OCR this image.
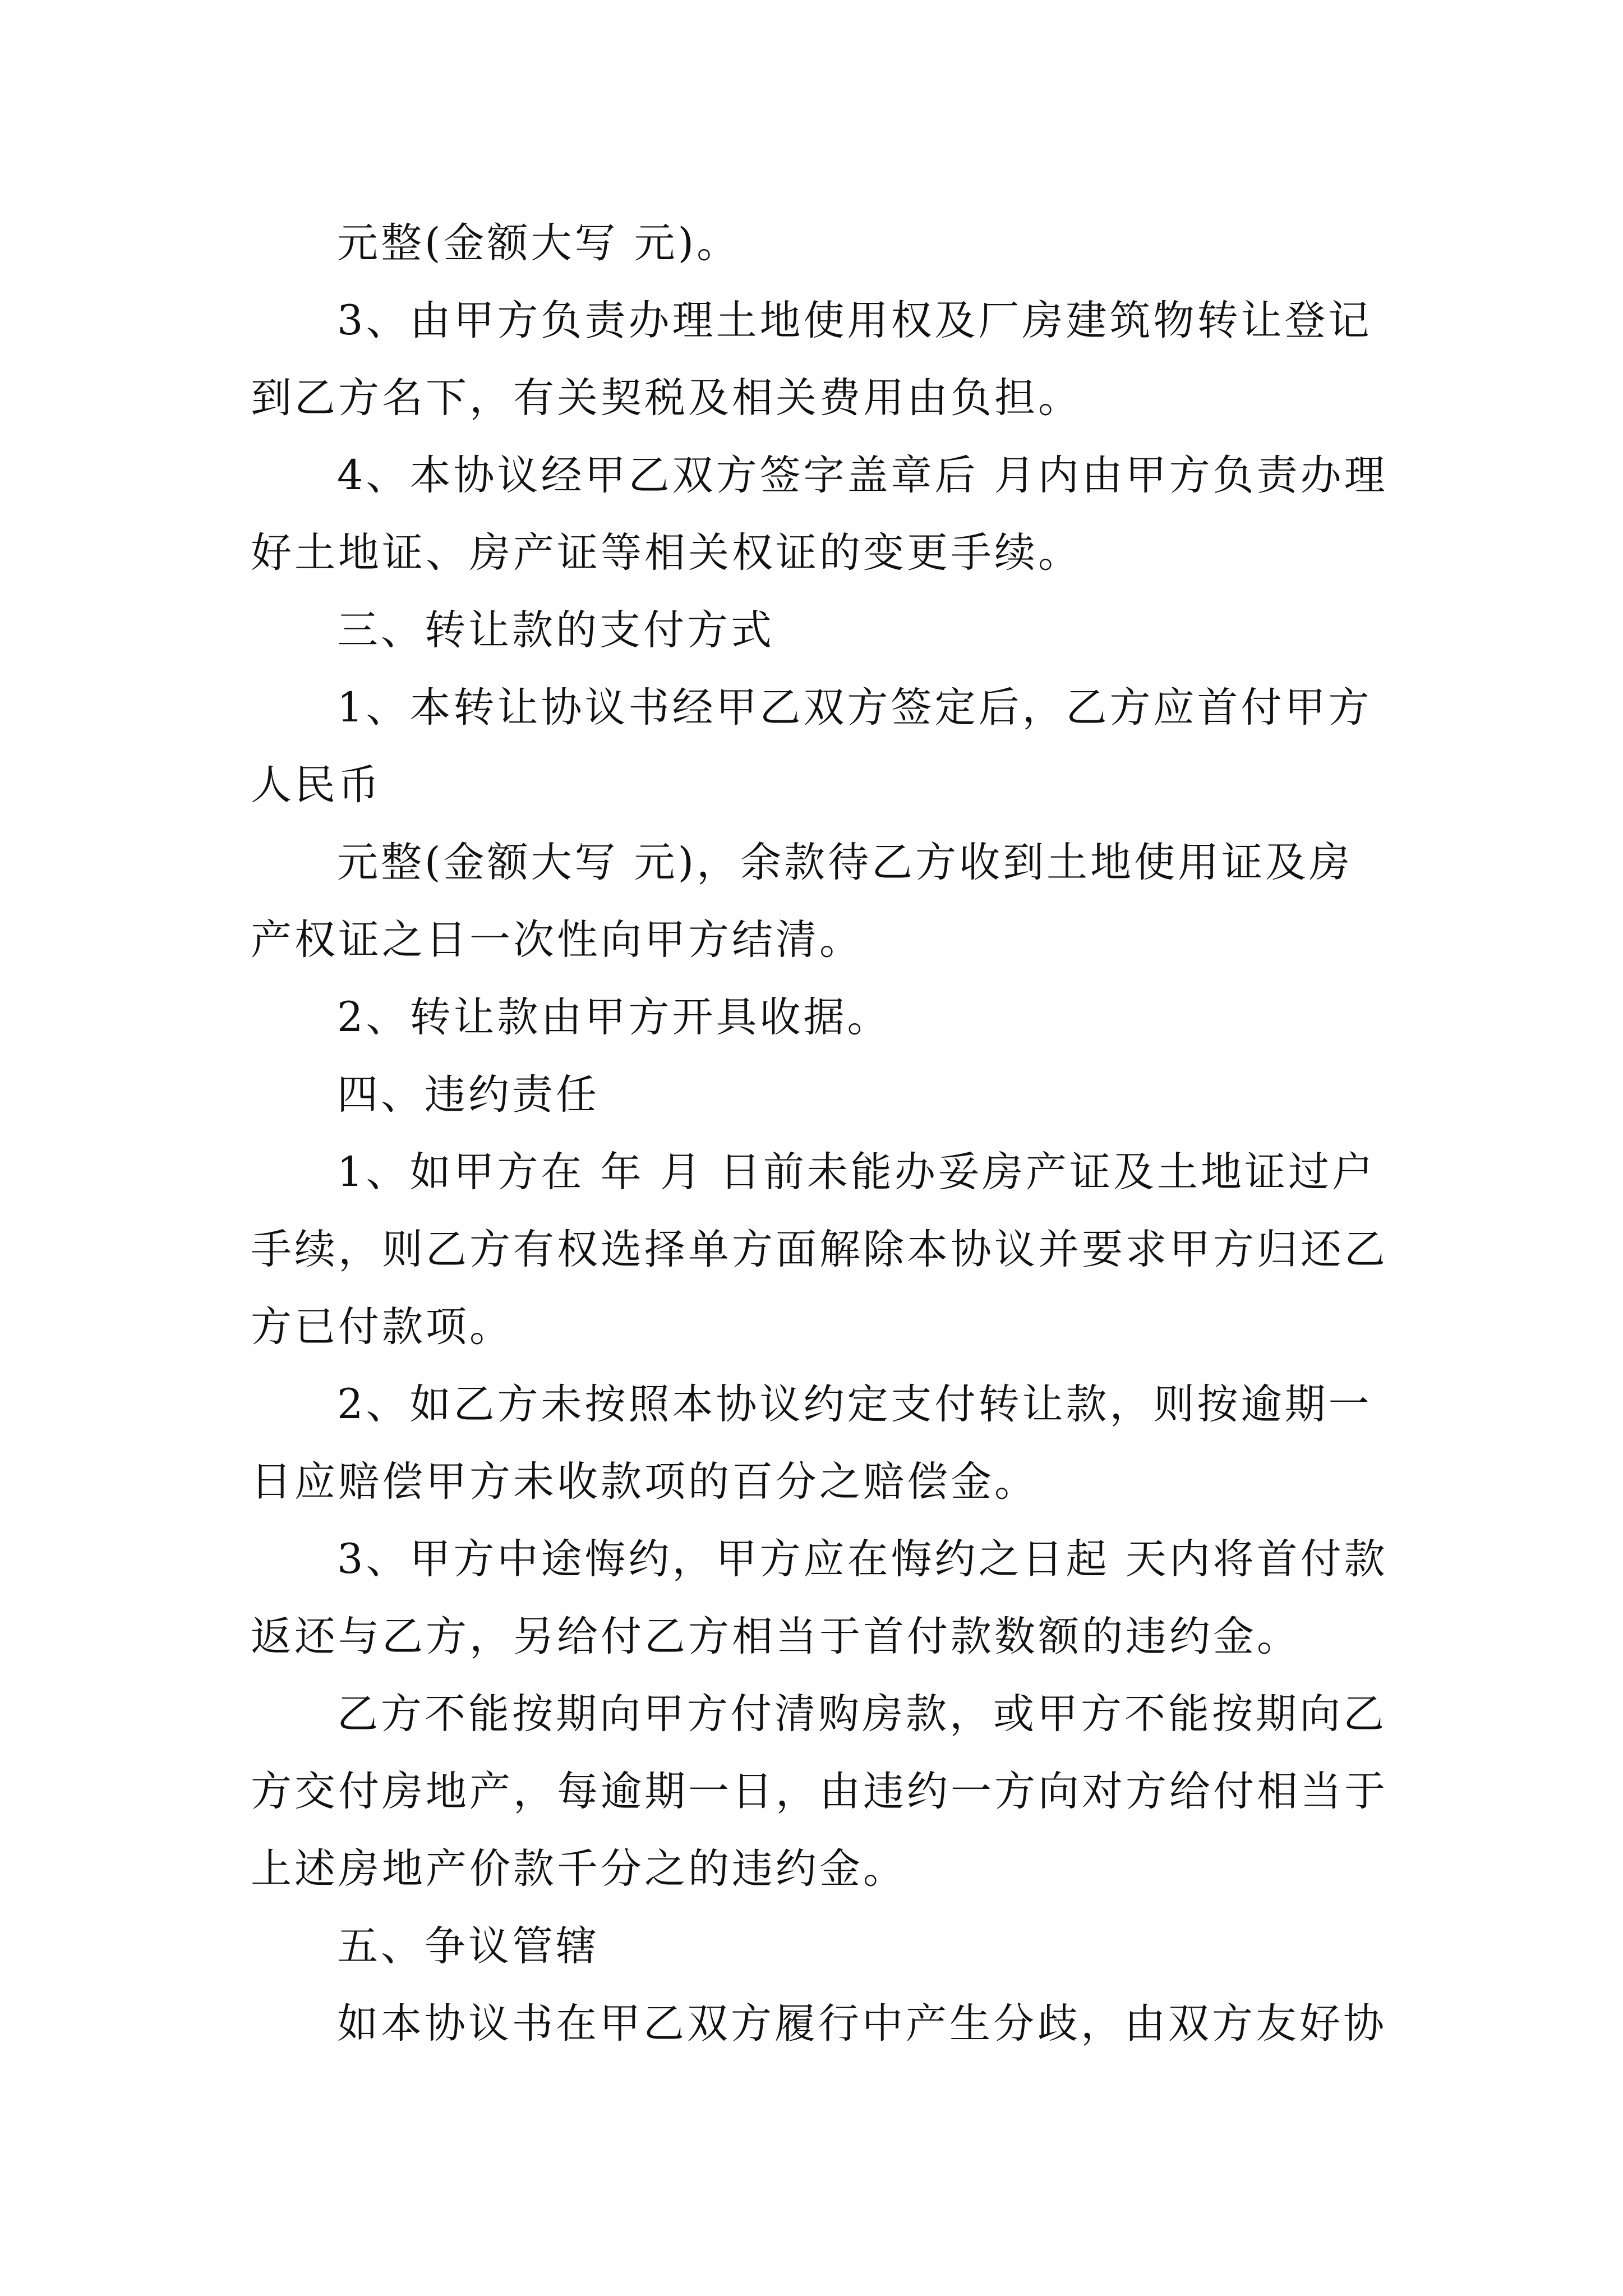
元整(金额大写 元)。
3、由甲方负责办理土地使用权及厂房建筑物转让登记
到乙方名下，有关契税及相关费用由负担。
4、本协议经甲乙双方签字盖章后 月内由甲方负责办理
好土地证、房产证等相关权证的变更手续。
三、转让款的支付方式
1、本转让协议书经甲乙双方签定后，乙方应首付甲方
人民币
元整(金额大写 元)，余款待乙方收到土地使用证及房
产权证之日一次性向甲方结清。
2、转让款由甲方开具收据。
四、违约责任
1、如甲方在 年 月 日前未能办妥房产证及土地证过户
手续，则乙方有权选择单方面解除本协议并要求甲方归还乙
方已付款项。
2、如乙方未按照本协议约定支付转让款，则按逾期一
日应赔偿甲方未收款项的百分之赔偿金。
3、甲方中途悔约，甲方应在悔约之日起 天内将首付款
返还与乙方，另给付乙方相当于首付款数额的违约金。
乙方不能按期向甲方付清购房款，或甲方不能按期向乙
方交付房地产，每逾期一日，由违约一方向对方给付相当于
上述房地产价款千分之的违约金。
五、争议管辖
如本协议书在甲乙双方履行中产生分歧，由双方友好协
